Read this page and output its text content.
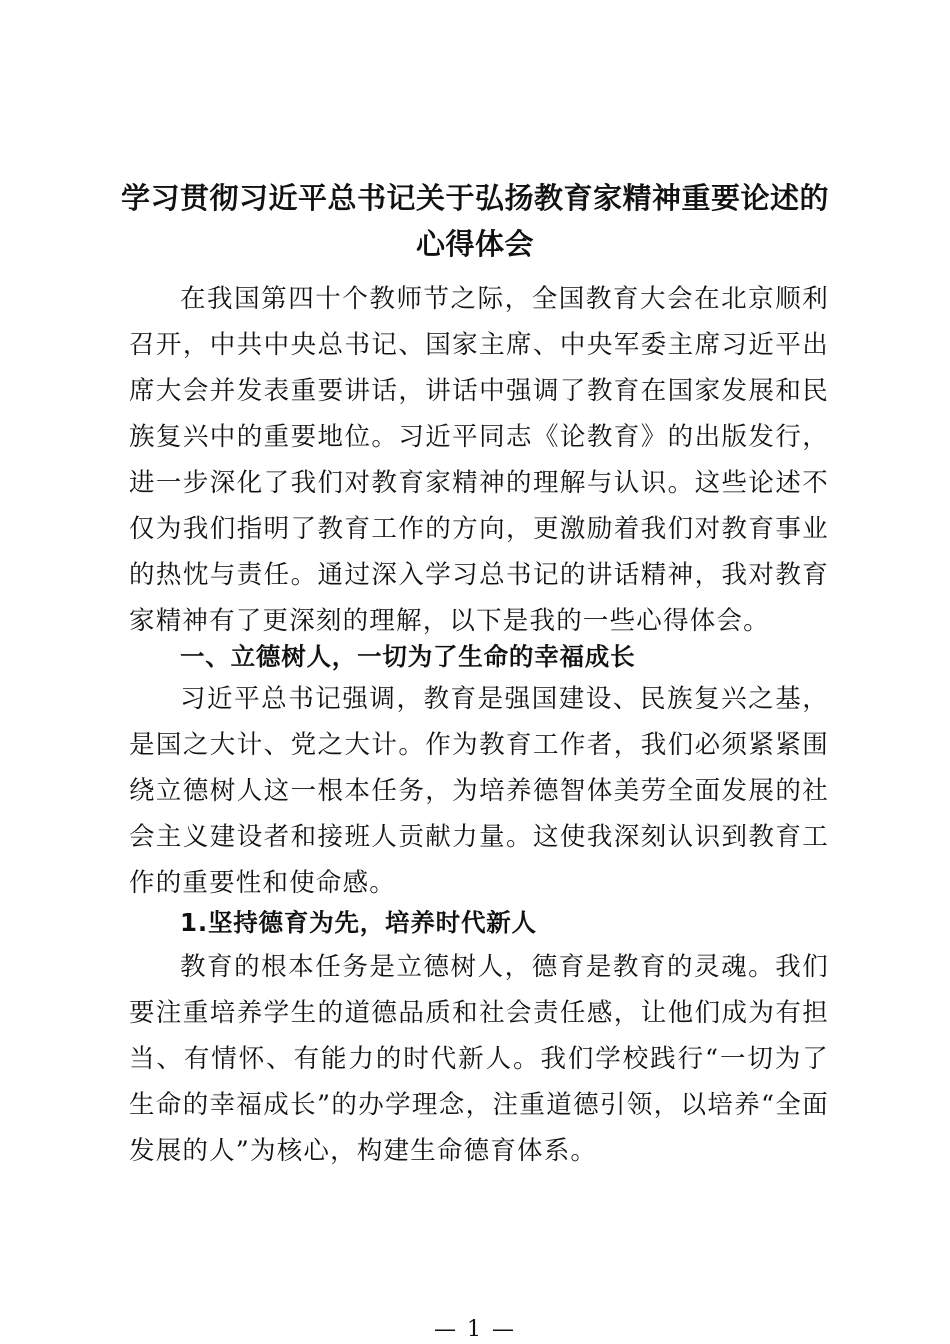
学习贯彻习近平总书记关于弘扬教育家精神重要论述的
心得体会

在我国第四十个教师节之际，全国教育大会在北京顺利召开，中共中央总书记、国家主席、中央军委主席习近平出席大会并发表重要讲话，讲话中强调了教育在国家发展和民族复兴中的重要地位。习近平同志《论教育》的出版发行，进一步深化了我们对教育家精神的理解与认识。这些论述不仅为我们指明了教育工作的方向，更激励着我们对教育事业的热忱与责任。通过深入学习总书记的讲话精神，我对教育家精神有了更深刻的理解，以下是我的一些心得体会。

一、立德树人，一切为了生命的幸福成长

习近平总书记强调，教育是强国建设、民族复兴之基，是国之大计、党之大计。作为教育工作者，我们必须紧紧围绕立德树人这一根本任务，为培养德智体美劳全面发展的社会主义建设者和接班人贡献力量。这使我深刻认识到教育工作的重要性和使命感。

1.坚持德育为先，培养时代新人

教育的根本任务是立德树人，德育是教育的灵魂。我们要注重培养学生的道德品质和社会责任感，让他们成为有担当、有情怀、有能力的时代新人。我们学校践行“一切为了生命的幸福成长”的办学理念，注重道德引领，以培养“全面发展的人”为核心，构建生命德育体系。

— 1 —
